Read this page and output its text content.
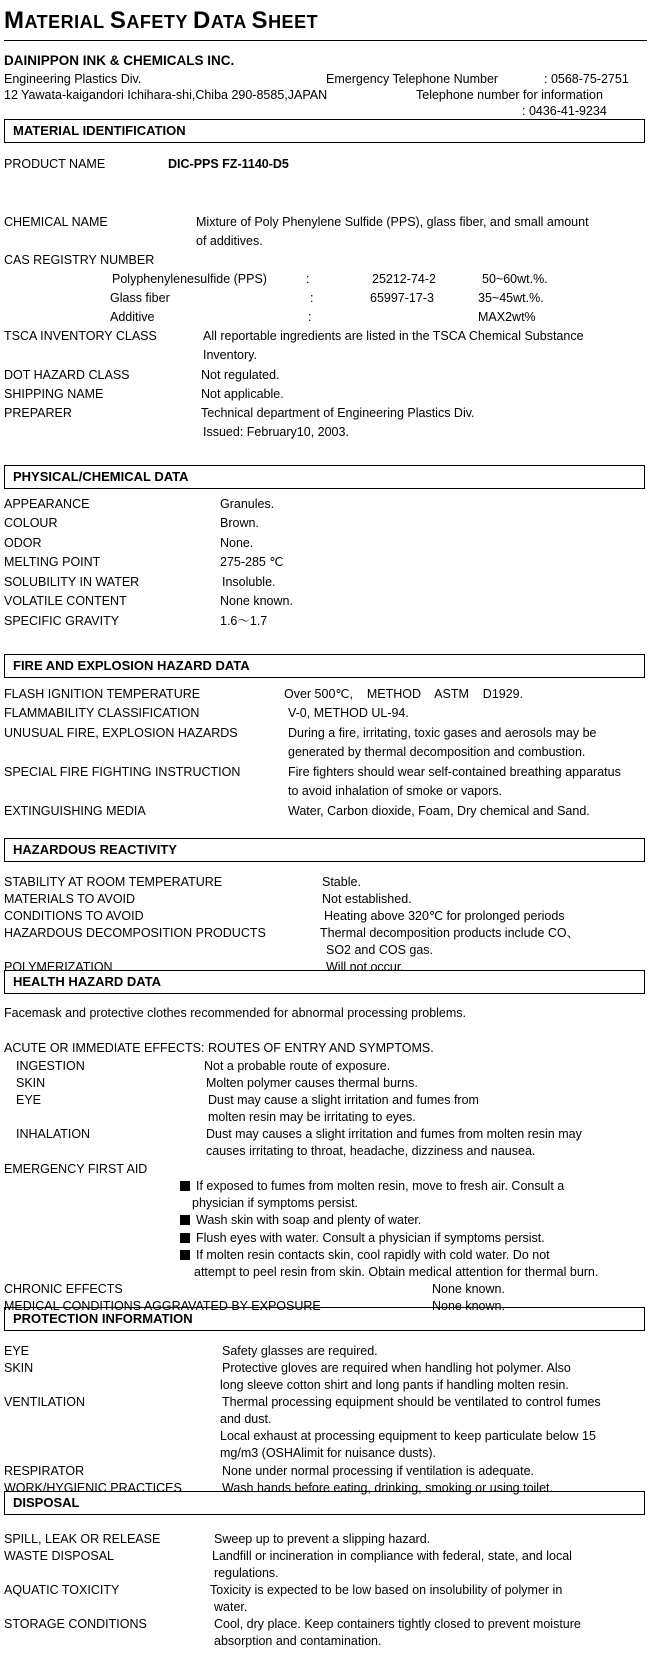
MATERIAL SAFETY DATA SHEET
DAINIPPON INK & CHEMICALS INC.
Engineering Plastics Div.
12 Yawata-kaigandori Ichihara-shi,Chiba 290-8585,JAPAN
Emergency Telephone Number	: 0568-75-2751
Telephone number for information
: 0436-41-9234
MATERIAL IDENTIFICATION
PRODUCT NAME	DIC-PPS FZ-1140-D5
CHEMICAL NAME	Mixture of Poly Phenylene Sulfide (PPS), glass fiber, and small amount
of additives.
CAS REGISTRY NUMBER
Polyphenylenesulfide (PPS)	:	25212-74-2	50~60wt.%.
Glass fiber	:	65997-17-3	35~45wt.%.
Additive	:	MAX2wt%
TSCA INVENTORY CLASS	All reportable ingredients are listed in the TSCA Chemical Substance
Inventory.
DOT HAZARD CLASS	Not regulated.
SHIPPING NAME	Not applicable.
PREPARER	Technical department of Engineering Plastics Div.
Issued: February10, 2003.
PHYSICAL/CHEMICAL DATA
APPEARANCE	Granules.
COLOUR	Brown.
ODOR	None.
MELTING POINT	275-285 ℃
SOLUBILITY IN WATER	Insoluble.
VOLATILE CONTENT	None known.
SPECIFIC GRAVITY	1.6～1.7
FIRE AND EXPLOSION HAZARD DATA
FLASH IGNITION TEMPERATURE	Over 500℃,    METHOD    ASTM    D1929.
FLAMMABILITY CLASSIFICATION	V-0, METHOD UL-94.
UNUSUAL FIRE, EXPLOSION HAZARDS	During a fire, irritating, toxic gases and aerosols may be
generated by thermal decomposition and combustion.
SPECIAL FIRE FIGHTING INSTRUCTION	Fire fighters should wear self-contained breathing apparatus
to avoid inhalation of smoke or vapors.
EXTINGUISHING MEDIA	Water, Carbon dioxide, Foam, Dry chemical and Sand.
HAZARDOUS REACTIVITY
STABILITY AT ROOM TEMPERATURE	Stable.
MATERIALS TO AVOID	Not established.
CONDITIONS TO AVOID	Heating above 320℃ for prolonged periods
HAZARDOUS DECOMPOSITION PRODUCTS	Thermal decomposition products include CO、
SO2 and COS gas.
POLYMERIZATION	Will not occur.
HEALTH HAZARD DATA
Facemask and protective clothes recommended for abnormal processing problems.
ACUTE OR IMMEDIATE EFFECTS: ROUTES OF ENTRY AND SYMPTOMS.
INGESTION	Not a probable route of exposure.
SKIN	Molten polymer causes thermal burns.
EYE	Dust may cause a slight irritation and fumes from
molten resin may be irritating to eyes.
INHALATION	Dust may causes a slight irritation and fumes from molten resin may
causes irritating to throat, headache, dizziness and nausea.
EMERGENCY FIRST AID
If exposed to fumes from molten resin, move to fresh air. Consult a
physician if symptoms persist.
Wash skin with soap and plenty of water.
Flush eyes with water. Consult a physician if symptoms persist.
If molten resin contacts skin, cool rapidly with cold water. Do not
attempt to peel resin from skin. Obtain medical attention for thermal burn.
CHRONIC EFFECTS	None known.
MEDICAL CONDITIONS AGGRAVATED BY EXPOSURE	None known.
PROTECTION INFORMATION
EYE	Safety glasses are required.
SKIN	Protective gloves are required when handling hot polymer. Also
long sleeve cotton shirt and long pants if handling molten resin.
VENTILATION	Thermal processing equipment should be ventilated to control fumes
and dust.
Local exhaust at processing equipment to keep particulate below 15
mg/m3 (OSHAlimit for nuisance dusts).
RESPIRATOR	None under normal processing if ventilation is adequate.
WORK/HYGIENIC PRACTICES	Wash hands before eating, drinking, smoking or using toilet.
DISPOSAL
SPILL, LEAK OR RELEASE	Sweep up to prevent a slipping hazard.
WASTE DISPOSAL	Landfill or incineration in compliance with federal, state, and local
regulations.
AQUATIC TOXICITY	Toxicity is expected to be low based on insolubility of polymer in
water.
STORAGE CONDITIONS	Cool, dry place. Keep containers tightly closed to prevent moisture
absorption and contamination.
